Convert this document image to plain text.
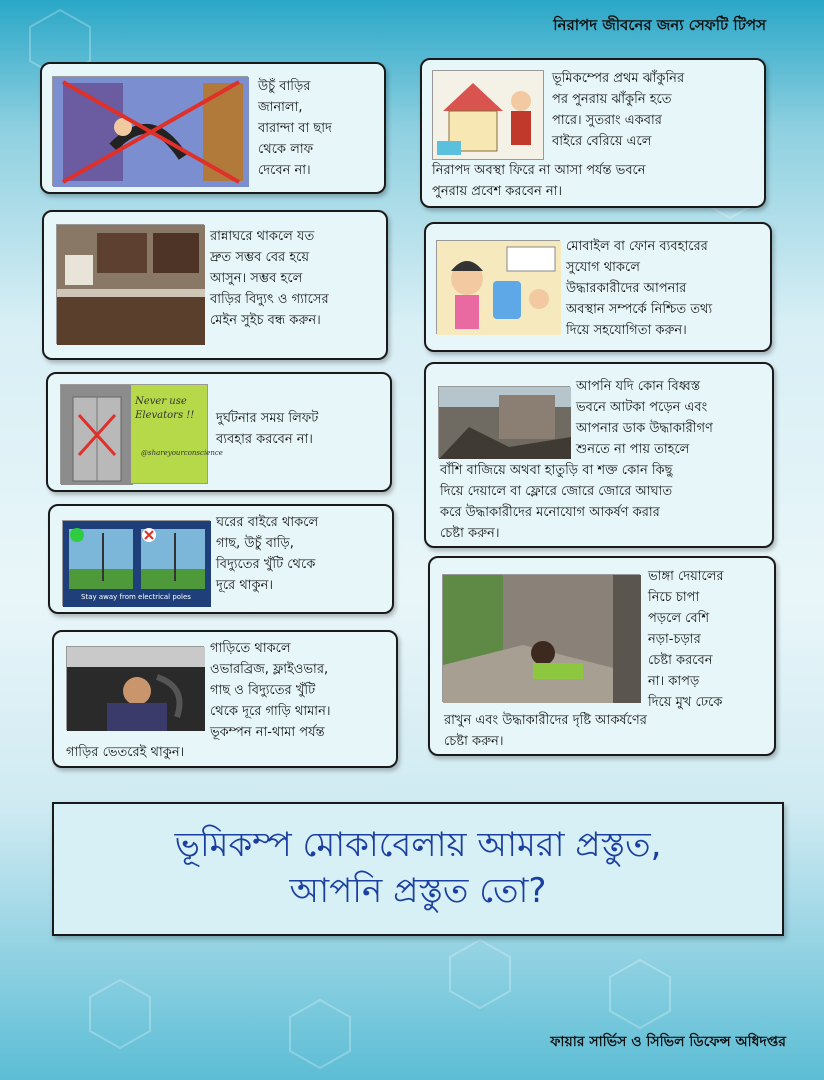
নিরাপদ জীবনের জন্য সেফটি টিপস
উচুঁ বাড়ির
জানালা,
বারান্দা বা ছাদ
থেকে লাফ
দেবেন না।
ভূমিকম্পের প্রথম ঝাঁকুনির
পর পুনরায় ঝাঁকুনি হতে
পারে। সুতরাং একবার
বাইরে বেরিয়ে এলে
নিরাপদ অবস্থা ফিরে না আসা পর্যন্ত ভবনে
পুনরায় প্রবেশ করবেন না।
রান্নাঘরে থাকলে যত
দ্রুত সম্ভব বের হয়ে
আসুন। সম্ভব হলে
বাড়ির বিদ্যুৎ ও গ্যাসের
মেইন সুইচ বন্ধ করুন।
মোবাইল বা ফোন ব্যবহারের
সুযোগ থাকলে
উদ্ধারকারীদের আপনার
অবস্থান সম্পর্কে নিশ্চিত তথ্য
দিয়ে সহযোগিতা করুন।
Never use
Elevators !!
@shareyourconscience
দুর্ঘটনার সময় লিফট
ব্যবহার করবেন না।
আপনি যদি কোন বিধ্বস্ত
ভবনে আটকা পড়েন এবং
আপনার ডাক উদ্ধাকারীগণ
শুনতে না পায় তাহলে
বাঁশি বাজিয়ে অথবা হাতুড়ি বা শক্ত কোন কিছু
দিয়ে দেয়ালে বা ফ্লোরে জোরে জোরে আঘাত
করে উদ্ধাকারীদের মনোযোগ আকর্ষণ করার
চেষ্টা করুন।
Stay away from electrical poles
ঘরের বাইরে থাকলে
গাছ, উচুঁ বাড়ি,
বিদ্যুতের খুঁটি থেকে
দূরে থাকুন।
ভাঙ্গা দেয়ালের
নিচে চাপা
পড়লে বেশি
নড়া-চড়ার
চেষ্টা করবেন
না। কাপড়
দিয়ে মুখ ঢেকে
রাখুন এবং উদ্ধাকারীদের দৃষ্টি আকর্ষণের
চেষ্টা করুন।
গাড়িতে থাকলে
ওভারব্রিজ, ফ্লাইওভার,
গাছ ও বিদ্যুতের খুঁটি
থেকে দূরে গাড়ি থামান।
ভূকম্পন না-থামা পর্যন্ত
গাড়ির ভেতরেই থাকুন।
ভূমিকম্প মোকাবেলায় আমরা প্রস্তুত,
আপনি প্রস্তুত তো?
ফায়ার সার্ভিস ও সিভিল ডিফেন্স অধিদপ্তর
